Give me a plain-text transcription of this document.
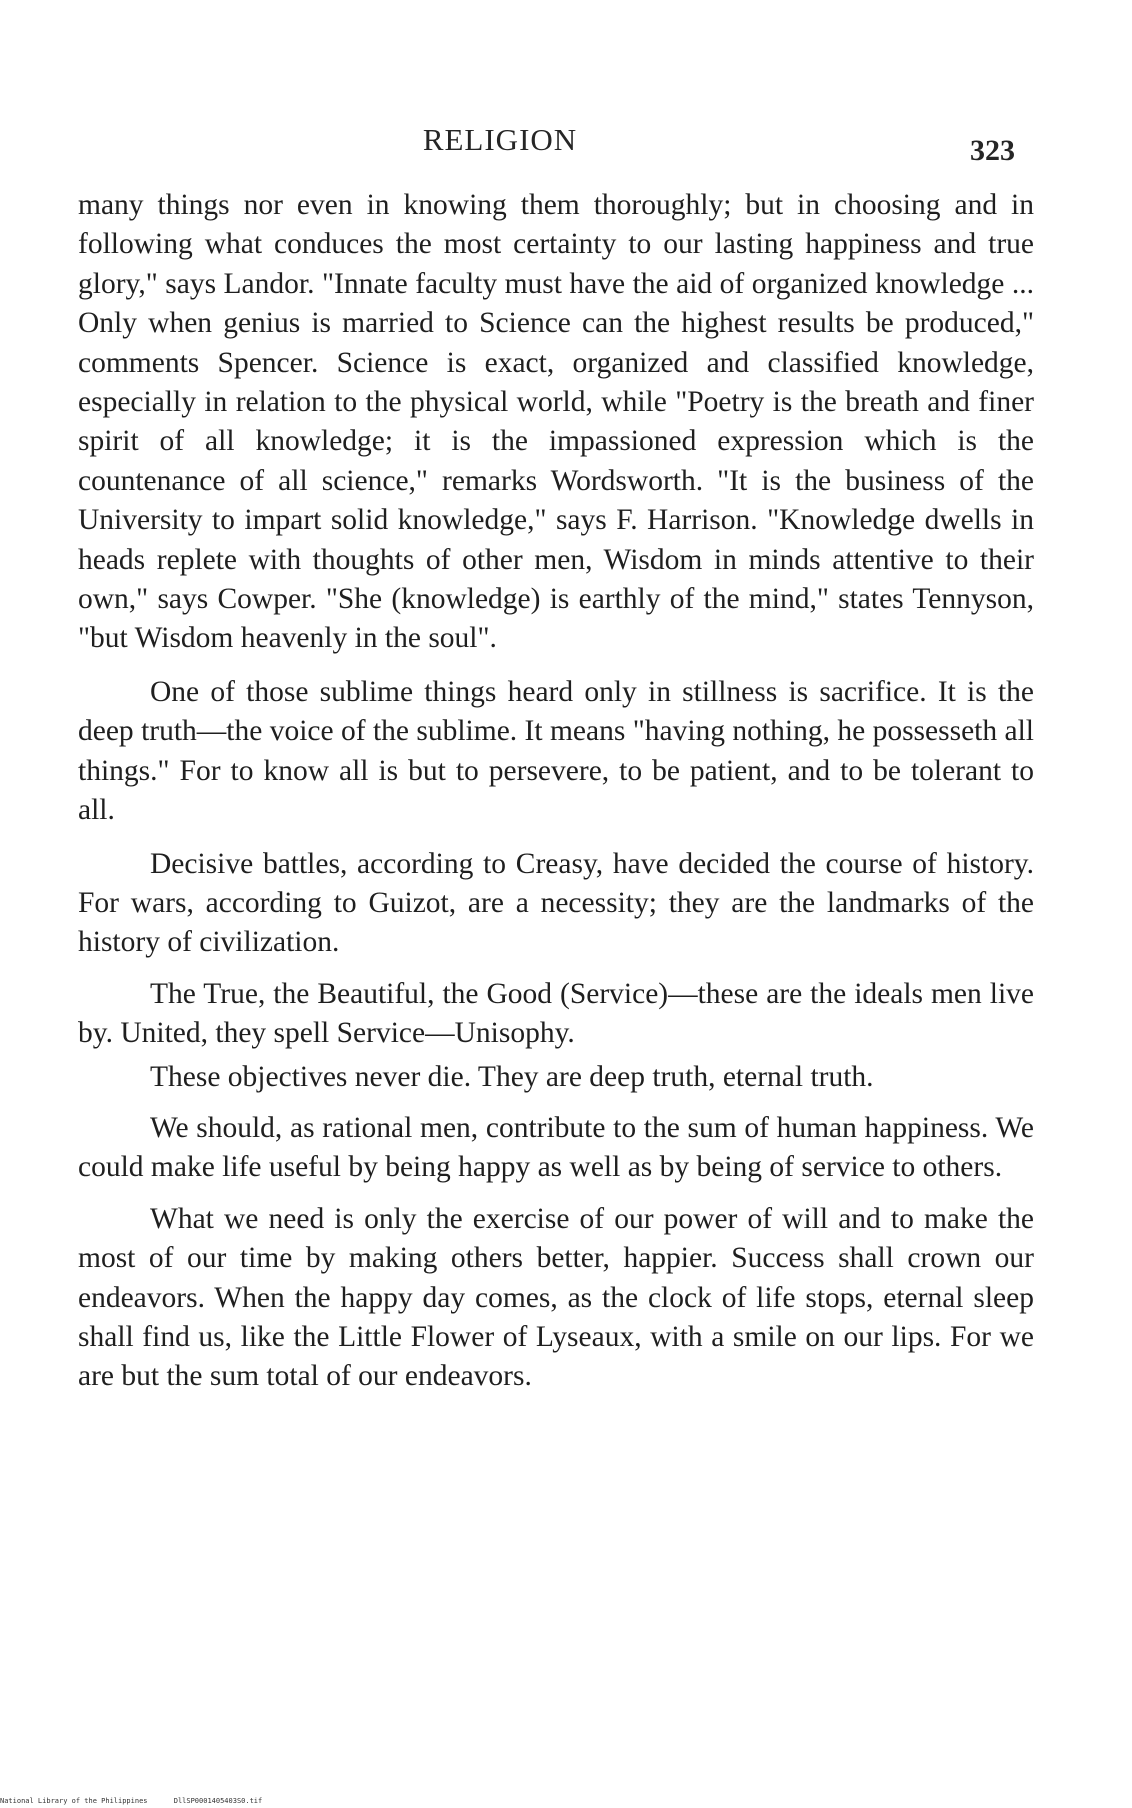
RELIGION	323

many things nor even in knowing them thoroughly; but in choosing and in following what conduces the most certainty to our lasting happiness and true glory," says Landor. "Innate faculty must have the aid of organized knowledge ... Only when genius is married to Science can the highest results be produced," comments Spencer. Science is exact, organized and classified knowledge, especially in relation to the physical world, while "Poetry is the breath and finer spirit of all knowledge; it is the impassioned expression which is the countenance of all science," remarks Wordsworth. "It is the business of the University to impart solid knowledge," says F. Harrison. "Knowledge dwells in heads replete with thoughts of other men, Wisdom in minds attentive to their own," says Cowper. "She (knowledge) is earthly of the mind," states Tennyson, "but Wisdom heavenly in the soul".

One of those sublime things heard only in stillness is sacrifice. It is the deep truth—the voice of the sublime. It means "having nothing, he possesseth all things." For to know all is but to persevere, to be patient, and to be tolerant to all.

Decisive battles, according to Creasy, have decided the course of history. For wars, according to Guizot, are a necessity; they are the landmarks of the history of civilization.

The True, the Beautiful, the Good (Service)—these are the ideals men live by. United, they spell Service—Unisophy.

These objectives never die. They are deep truth, eternal truth.

We should, as rational men, contribute to the sum of human happiness. We could make life useful by being happy as well as by being of service to others.

What we need is only the exercise of our power of will and to make the most of our time by making others better, happier. Success shall crown our endeavors. When the happy day comes, as the clock of life stops, eternal sleep shall find us, like the Little Flower of Lyseaux, with a smile on our lips. For we are but the sum total of our endeavors.

National Library of the Philippines	DllSP0001405403S0.tif
